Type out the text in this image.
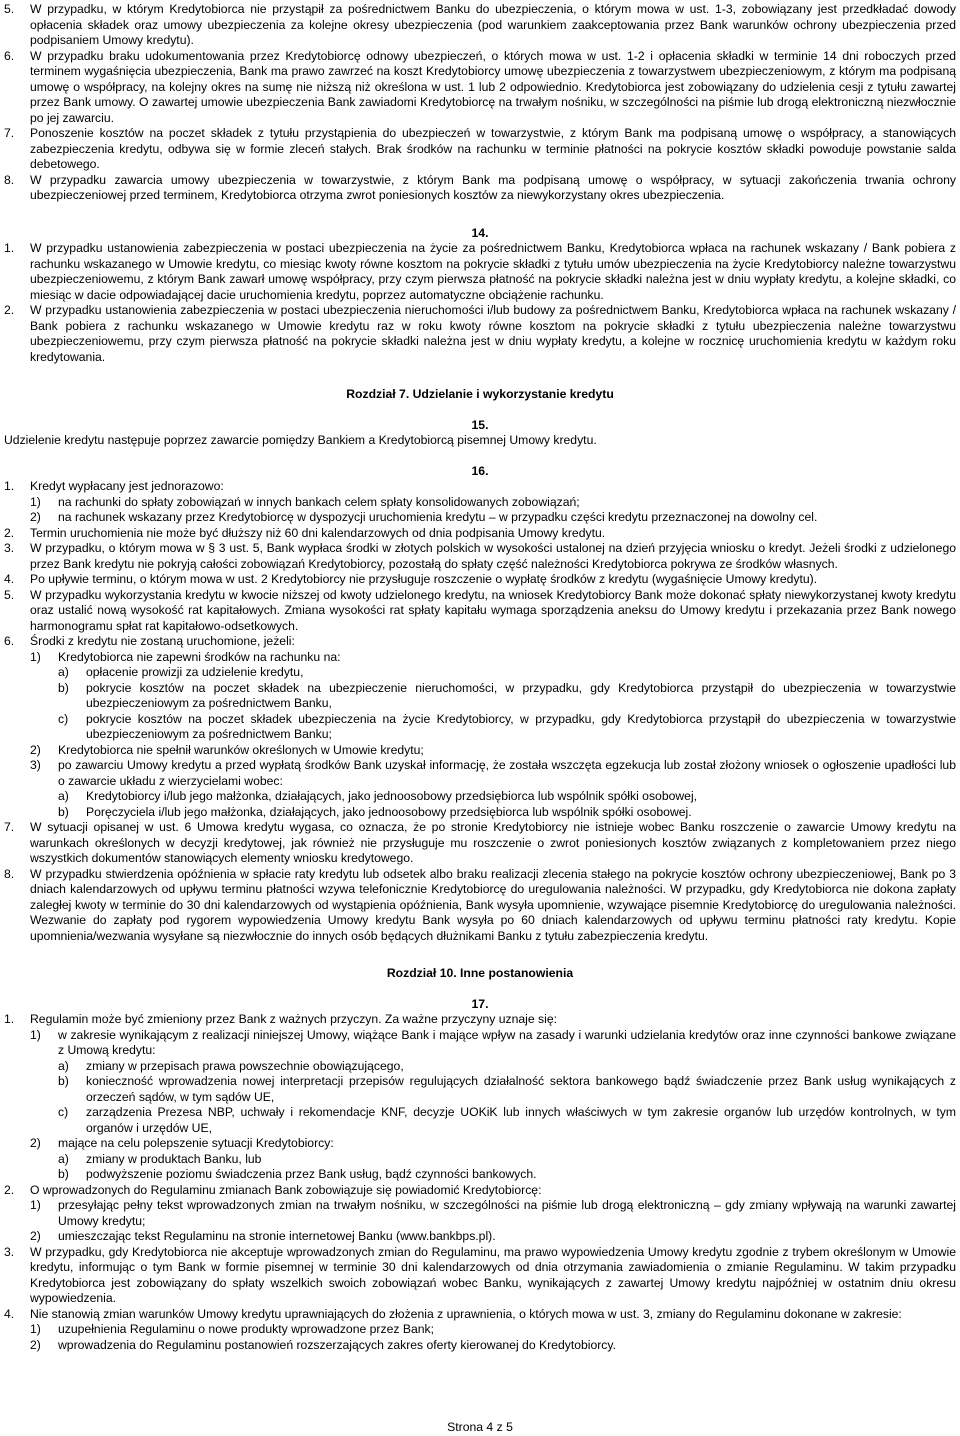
5.	W przypadku, w którym Kredytobiorca nie przystąpił za pośrednictwem Banku do ubezpieczenia, o którym mowa w ust. 1-3, zobowiązany jest przedkładać dowody opłacenia składek oraz umowy ubezpieczenia za kolejne okresy ubezpieczenia (pod warunkiem zaakceptowania przez Bank warunków ochrony ubezpieczenia przed podpisaniem Umowy kredytu).
6.	W przypadku braku udokumentowania przez Kredytobiorcę odnowy ubezpieczeń, o których mowa w ust. 1-2 i opłacenia składki w terminie 14 dni roboczych przed terminem wygaśnięcia ubezpieczenia, Bank ma prawo zawrzeć na koszt Kredytobiorcy umowę ubezpieczenia z towarzystwem ubezpieczeniowym, z którym ma podpisaną umowę o współpracy, na kolejny okres na sumę nie niższą niż określona w ust. 1 lub 2 odpowiednio. Kredytobiorca jest zobowiązany do udzielenia cesji z tytułu zawartej przez Bank umowy. O zawartej umowie ubezpieczenia Bank zawiadomi Kredytobiorcę na trwałym nośniku, w szczególności na piśmie lub drogą elektroniczną niezwłocznie po jej zawarciu.
7.	Ponoszenie kosztów na poczet składek z tytułu przystąpienia do ubezpieczeń w towarzystwie, z którym Bank ma podpisaną umowę o współpracy, a stanowiących zabezpieczenia kredytu, odbywa się w formie zleceń stałych. Brak środków na rachunku w terminie płatności na pokrycie kosztów składki powoduje powstanie salda debetowego.
8.	W przypadku zawarcia umowy ubezpieczenia w towarzystwie, z którym Bank ma podpisaną umowę o współpracy, w sytuacji zakończenia trwania ochrony ubezpieczeniowej przed terminem, Kredytobiorca otrzyma zwrot poniesionych kosztów za niewykorzystany okres ubezpieczenia.
14.
1.	W przypadku ustanowienia zabezpieczenia w postaci ubezpieczenia na życie za pośrednictwem Banku, Kredytobiorca wpłaca na rachunek wskazany / Bank pobiera z rachunku wskazanego w Umowie kredytu, co miesiąc kwoty równe kosztom na pokrycie składki z tytułu umów ubezpieczenia na życie Kredytobiorcy należne towarzystwu ubezpieczeniowemu, z którym Bank zawarł umowę współpracy, przy czym pierwsza płatność na pokrycie składki należna jest w dniu wypłaty kredytu, a kolejne składki, co miesiąc w dacie odpowiadającej dacie uruchomienia kredytu, poprzez automatyczne obciążenie rachunku.
2.	W przypadku ustanowienia zabezpieczenia w postaci ubezpieczenia nieruchomości i/lub budowy za pośrednictwem Banku, Kredytobiorca wpłaca na rachunek wskazany / Bank pobiera z rachunku wskazanego w Umowie kredytu raz w roku kwoty równe kosztom na pokrycie składki z tytułu ubezpieczenia należne towarzystwu ubezpieczeniowemu, przy czym pierwsza płatność na pokrycie składki należna jest w dniu wypłaty kredytu, a kolejne w rocznicę uruchomienia kredytu w każdym roku kredytowania.
Rozdział 7. Udzielanie i wykorzystanie kredytu
15.
Udzielenie kredytu następuje poprzez zawarcie pomiędzy Bankiem a Kredytobiorcą pisemnej Umowy kredytu.
16.
1.	Kredyt wypłacany jest jednorazowo:
1)	na rachunki do spłaty zobowiązań w innych bankach celem spłaty konsolidowanych zobowiązań;
2)	na rachunek wskazany przez Kredytobiorcę w dyspozycji uruchomienia kredytu – w przypadku części kredytu przeznaczonej na dowolny cel.
2.	Termin uruchomienia nie może być dłuższy niż 60 dni kalendarzowych od dnia podpisania Umowy kredytu.
3.	W przypadku, o którym mowa w § 3 ust. 5, Bank wypłaca środki w złotych polskich w wysokości ustalonej na dzień przyjęcia wniosku o kredyt. Jeżeli środki z udzielonego przez Bank kredytu nie pokryją całości zobowiązań Kredytobiorcy, pozostałą do spłaty część należności Kredytobiorca pokrywa ze środków własnych.
4.	Po upływie terminu, o którym mowa w ust. 2 Kredytobiorcy nie przysługuje roszczenie o wypłatę środków z kredytu (wygaśnięcie Umowy kredytu).
5.	W przypadku wykorzystania kredytu w kwocie niższej od kwoty udzielonego kredytu, na wniosek Kredytobiorcy Bank może dokonać spłaty niewykorzystanej kwoty kredytu oraz ustalić nową wysokość rat kapitałowych. Zmiana wysokości rat spłaty kapitału wymaga sporządzenia aneksu do Umowy kredytu i przekazania przez Bank nowego harmonogramu spłat rat kapitałowo-odsetkowych.
6.	Środki z kredytu nie zostaną uruchomione, jeżeli:
1)	Kredytobiorca nie zapewni środków na rachunku na:
a)	opłacenie prowizji za udzielenie kredytu,
b)	pokrycie kosztów na poczet składek na ubezpieczenie nieruchomości, w przypadku, gdy Kredytobiorca przystąpił do ubezpieczenia w towarzystwie ubezpieczeniowym za pośrednictwem Banku,
c)	pokrycie kosztów na poczet składek ubezpieczenia na życie Kredytobiorcy, w przypadku, gdy Kredytobiorca przystąpił do ubezpieczenia w towarzystwie ubezpieczeniowym za pośrednictwem Banku;
2)	Kredytobiorca nie spełnił warunków określonych w Umowie kredytu;
3)	po zawarciu Umowy kredytu a przed wypłatą środków Bank uzyskał informację, że została wszczęta egzekucja lub został złożony wniosek o ogłoszenie upadłości lub o zawarcie układu z wierzycielami wobec:
a)	Kredytobiorcy i/lub jego małżonka, działających, jako jednoosobowy przedsiębiorca lub wspólnik spółki osobowej,
b)	Poręczyciela i/lub jego małżonka, działających, jako jednoosobowy przedsiębiorca lub wspólnik spółki osobowej.
7.	W sytuacji opisanej w ust. 6 Umowa kredytu wygasa, co oznacza, że po stronie Kredytobiorcy nie istnieje wobec Banku roszczenie o zawarcie Umowy kredytu na warunkach określonych w decyzji kredytowej, jak również nie przysługuje mu roszczenie o zwrot poniesionych kosztów związanych z kompletowaniem przez niego wszystkich dokumentów stanowiących elementy wniosku kredytowego.
8.	W przypadku stwierdzenia opóźnienia w spłacie raty kredytu lub odsetek albo braku realizacji zlecenia stałego na pokrycie kosztów ochrony ubezpieczeniowej, Bank po 3 dniach kalendarzowych od upływu terminu płatności wzywa telefonicznie Kredytobiorcę do uregulowania należności. W przypadku, gdy Kredytobiorca nie dokona zapłaty zaległej kwoty w terminie do 30 dni kalendarzowych od wystąpienia opóźnienia, Bank wysyła upomnienie, wzywające pisemnie Kredytobiorcę do uregulowania należności. Wezwanie do zapłaty pod rygorem wypowiedzenia Umowy kredytu Bank wysyła po 60 dniach kalendarzowych od upływu terminu płatności raty kredytu. Kopie upomnienia/wezwania wysyłane są niezwłocznie do innych osób będących dłużnikami Banku z tytułu zabezpieczenia kredytu.
Rozdział 10. Inne postanowienia
17.
1.	Regulamin może być zmieniony przez Bank z ważnych przyczyn. Za ważne przyczyny uznaje się:
1)	w zakresie wynikającym z realizacji niniejszej Umowy, wiążące Bank i mające wpływ na zasady i warunki udzielania kredytów oraz inne czynności bankowe związane z Umową kredytu:
a)	zmiany w przepisach prawa powszechnie obowiązującego,
b)	konieczność wprowadzenia nowej interpretacji przepisów regulujących działalność sektora bankowego bądź świadczenie przez Bank usług wynikających z orzeczeń sądów, w tym sądów UE,
c)	zarządzenia Prezesa NBP, uchwały i rekomendacje KNF, decyzje UOKiK lub innych właściwych w tym zakresie organów lub urzędów kontrolnych, w tym organów i urzędów UE,
2)	mające na celu polepszenie sytuacji Kredytobiorcy:
a)	zmiany w produktach Banku, lub
b)	podwyższenie poziomu świadczenia przez Bank usług, bądź czynności bankowych.
2.	O wprowadzonych do Regulaminu zmianach Bank zobowiązuje się powiadomić Kredytobiorcę:
1)	przesyłając pełny tekst wprowadzonych zmian na trwałym nośniku, w szczególności na piśmie lub drogą elektroniczną – gdy zmiany wpływają na warunki zawartej Umowy kredytu;
2)	umieszczając tekst Regulaminu na stronie internetowej Banku (www.bankbps.pl).
3.	W przypadku, gdy Kredytobiorca nie akceptuje wprowadzonych zmian do Regulaminu, ma prawo wypowiedzenia Umowy kredytu zgodnie z trybem określonym w Umowie kredytu, informując o tym Bank w formie pisemnej w terminie 30 dni kalendarzowych od dnia otrzymania zawiadomienia o zmianie Regulaminu. W takim przypadku Kredytobiorca jest zobowiązany do spłaty wszelkich swoich zobowiązań wobec Banku, wynikających z zawartej Umowy kredytu najpóźniej w ostatnim dniu okresu wypowiedzenia.
4.	Nie stanowią zmian warunków Umowy kredytu uprawniających do złożenia z uprawnienia, o których mowa w ust. 3, zmiany do Regulaminu dokonane w zakresie:
1)	uzupełnienia Regulaminu o nowe produkty wprowadzone przez Bank;
2)	wprowadzenia do Regulaminu postanowień rozszerzających zakres oferty kierowanej do Kredytobiorcy.
Strona 4 z 5
